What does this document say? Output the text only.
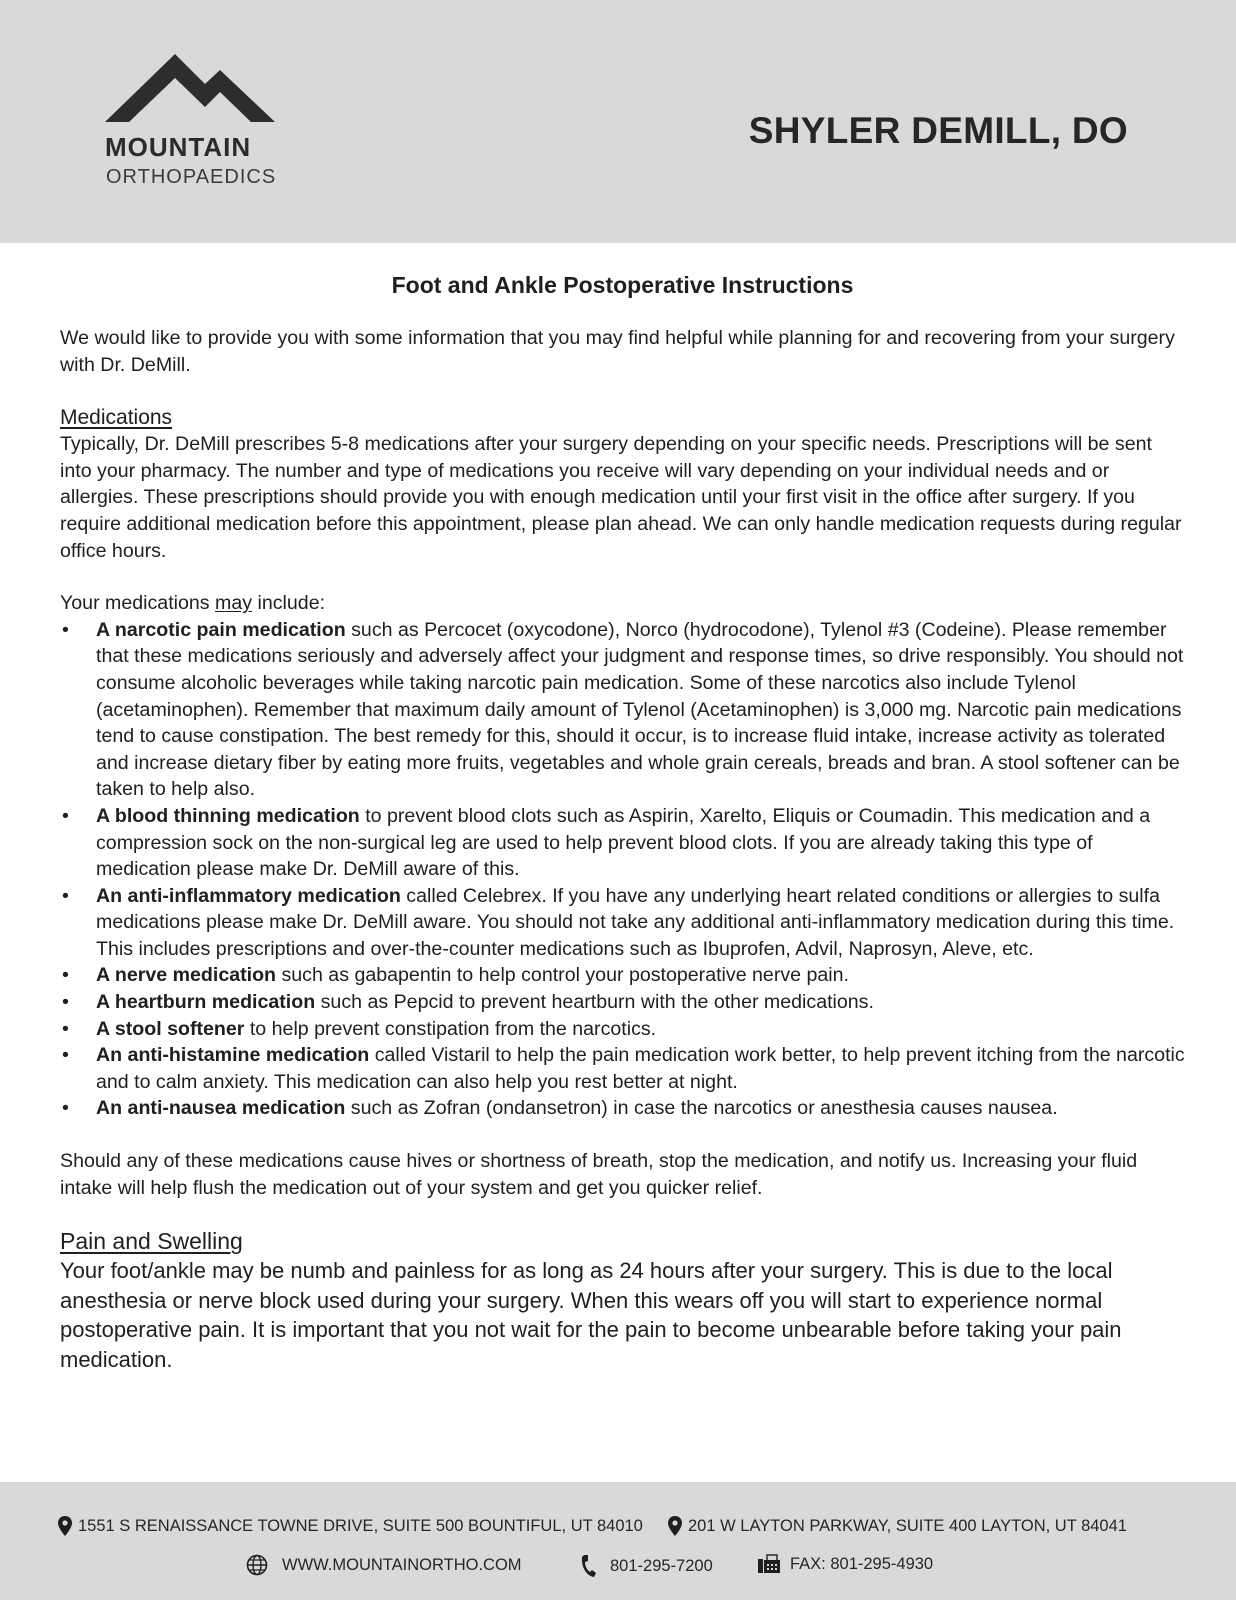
MOUNTAIN
ORTHOPAEDICS
SHYLER DEMILL, DO
Foot and Ankle Postoperative Instructions

We would like to provide you with some information that you may find helpful while planning for and recovering from your surgery with Dr. DeMill.

Medications

Typically, Dr. DeMill prescribes 5-8 medications after your surgery depending on your specific needs. Prescriptions will be sent into your pharmacy. The number and type of medications you receive will vary depending on your individual needs and or allergies. These prescriptions should provide you with enough medication until your first visit in the office after surgery. If you require additional medication before this appointment, please plan ahead. We can only handle medication requests during regular office hours.

Your medications may include:

• A narcotic pain medication such as Percocet (oxycodone), Norco (hydrocodone), Tylenol #3 (Codeine). Please remember that these medications seriously and adversely affect your judgment and response times, so drive responsibly. You should not consume alcoholic beverages while taking narcotic pain medication. Some of these narcotics also include Tylenol (acetaminophen). Remember that maximum daily amount of Tylenol (Acetaminophen) is 3,000 mg. Narcotic pain medications tend to cause constipation. The best remedy for this, should it occur, is to increase fluid intake, increase activity as tolerated and increase dietary fiber by eating more fruits, vegetables and whole grain cereals, breads and bran. A stool softener can be taken to help also.
• A blood thinning medication to prevent blood clots such as Aspirin, Xarelto, Eliquis or Coumadin. This medication and a compression sock on the non-surgical leg are used to help prevent blood clots. If you are already taking this type of medication please make Dr. DeMill aware of this.
• An anti-inflammatory medication called Celebrex. If you have any underlying heart related conditions or allergies to sulfa medications please make Dr. DeMill aware. You should not take any additional anti-inflammatory medication during this time. This includes prescriptions and over-the-counter medications such as Ibuprofen, Advil, Naprosyn, Aleve, etc.
• A nerve medication such as gabapentin to help control your postoperative nerve pain.
• A heartburn medication such as Pepcid to prevent heartburn with the other medications.
• A stool softener to help prevent constipation from the narcotics.
• An anti-histamine medication called Vistaril to help the pain medication work better, to help prevent itching from the narcotic and to calm anxiety. This medication can also help you rest better at night.
• An anti-nausea medication such as Zofran (ondansetron) in case the narcotics or anesthesia causes nausea.

Should any of these medications cause hives or shortness of breath, stop the medication, and notify us. Increasing your fluid intake will help flush the medication out of your system and get you quicker relief.

Pain and Swelling

Your foot/ankle may be numb and painless for as long as 24 hours after your surgery. This is due to the local anesthesia or nerve block used during your surgery. When this wears off you will start to experience normal postoperative pain. It is important that you not wait for the pain to become unbearable before taking your pain medication.

1551 S RENAISSANCE TOWNE DRIVE, SUITE 500 BOUNTIFUL, UT 84010	201 W LAYTON PARKWAY, SUITE 400 LAYTON, UT 84041
WWW.MOUNTAINORTHO.COM	801-295-7200	FAX: 801-295-4930
